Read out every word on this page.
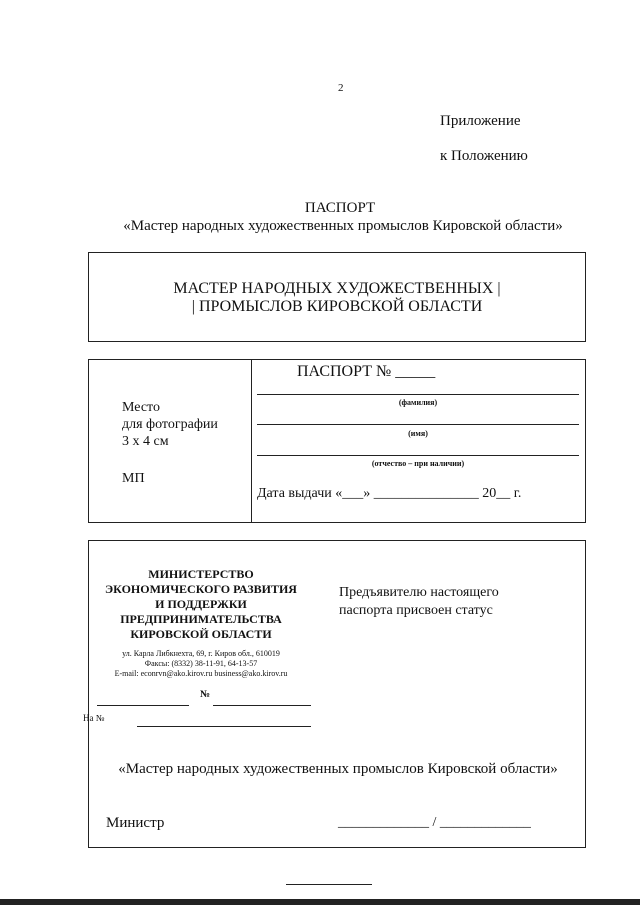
2
Приложение
к Положению
ПАСПОРТ
«Мастер народных художественных промыслов Кировской области»
МАСТЕР НАРОДНЫХ ХУДОЖЕСТВЕННЫХ |
| ПРОМЫСЛОВ КИРОВСКОЙ ОБЛАСТИ
Место
для фотографии
3 х 4 см
МП
ПАСПОРТ № _____
(фамилия)
(имя)
(отчество – при наличии)
Дата выдачи «___» _______________ 20__ г.
МИНИСТЕРСТВО
ЭКОНОМИЧЕСКОГО РАЗВИТИЯ
И ПОДДЕРЖКИ
ПРЕДПРИНИМАТЕЛЬСТВА
КИРОВСКОЙ ОБЛАСТИ
ул. Карла Либкнехта, 69, г. Киров обл., 610019
Факсы: (8332) 38-11-91, 64-13-57
E-mail: econrvn@ako.kirov.ru business@ako.kirov.ru
№
На №
Предъявителю настоящего
паспорта присвоен статус
«Мастер народных художественных промыслов Кировской области»
Министр	_____________ / _____________
